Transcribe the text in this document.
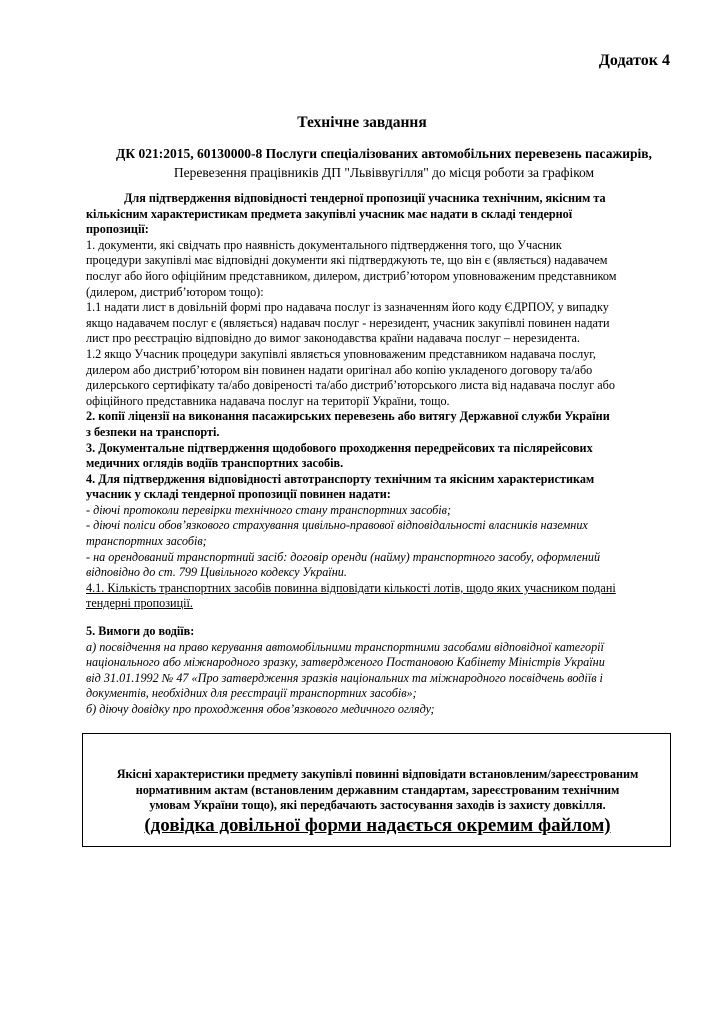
Додаток 4
Технічне завдання
ДК 021:2015, 60130000-8 Послуги спеціалізованих автомобільних перевезень пасажирів,
Перевезення працівників ДП "Львіввугілля" до місця роботи за графіком
Для підтвердження відповідності тендерної пропозиції учасника технічним, якісним та
кількісним характеристикам предмета закупівлі учасник має надати в складі тендерної
пропозиції:
1. документи, які свідчать про наявність документального підтвердження того, що Учасник
процедури закупівлі має відповідні документи які підтверджують те, що він є (являється) надавачем
послуг або його офіційним представником, дилером, дистриб’ютором уповноваженим представником
(дилером, дистриб’ютором тощо):
1.1 надати лист в довільній формі про надавача послуг із зазначенням його коду ЄДРПОУ, у випадку
якщо надавачем послуг є (являється) надавач послуг - нерезидент, учасник закупівлі повинен надати
лист про реєстрацію відповідно до вимог законодавства країни надавача послуг – нерезидента.
1.2 якщо Учасник процедури закупівлі являється уповноваженим представником надавача послуг,
дилером або дистриб’ютором він повинен надати оригінал або копію укладеного договору та/або
дилерського сертифікату та/або довіреності та/або дистриб’юторського листа від надавача послуг або
офіційного представника надавача послуг на території України, тощо.
2. копії ліцензії на виконання пасажирських перевезень або витягу Державної служби України
з безпеки на транспорті.
3. Документальне підтвердження щодобового проходження передрейсових та післярейсових
медичних оглядів водіїв транспортних засобів.
4. Для підтвердження відповідності автотранспорту технічним та якісним характеристикам
учасник у складі тендерної пропозиції повинен надати:
- діючі протоколи перевірки технічного стану транспортних засобів;
- діючі поліси обов’язкового страхування цивільно-правової відповідальності власників наземних
транспортних засобів;
- на орендований транспортний засіб: договір оренди (найму) транспортного засобу, оформлений
відповідно до ст. 799 Цивільного кодексу України.
4.1. Кількість транспортних засобів повинна відповідати кількості лотів, щодо яких учасником подані
тендерні пропозиції.
5. Вимоги до водіїв:
а) посвідчення на право керування автомобільними транспортними засобами відповідної категорії
національного або міжнародного зразку, затвердженого Постановою Кабінету Міністрів України
від 31.01.1992 № 47 «Про затвердження зразків національних та міжнародного посвідчень водіїв і
документів, необхідних для реєстрації транспортних засобів»;
б) діючу довідку про проходження обов’язкового медичного огляду;
Якісні характеристики предмету закупівлі повинні відповідати встановленим/зареєстрованим
нормативним актам (встановленим державним стандартам, зареєстрованим технічним
умовам України тощо), які передбачають застосування заходів із захисту довкілля.
(довідка довільної форми надається окремим файлом)
